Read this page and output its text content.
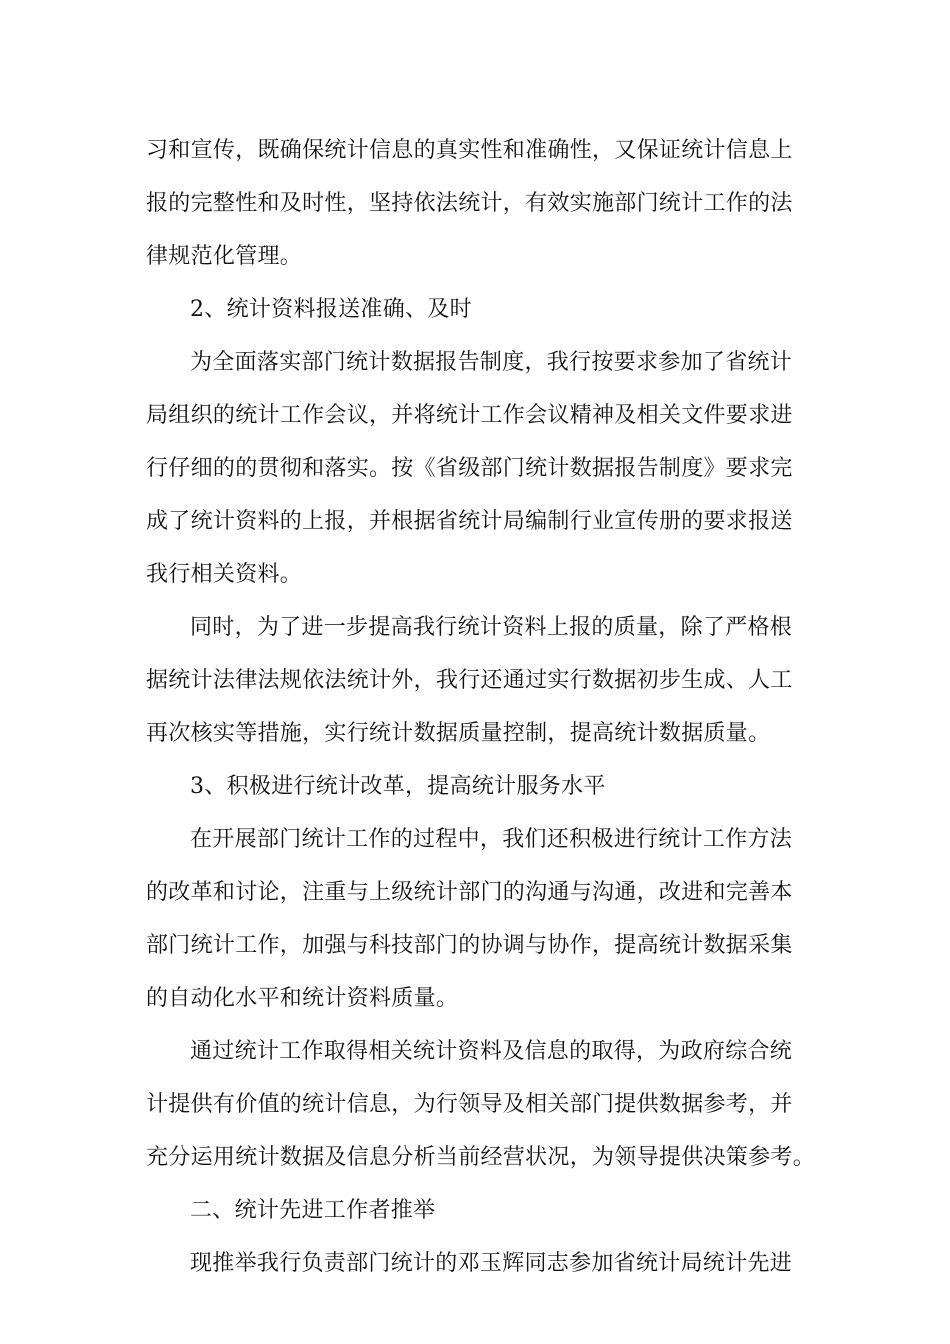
习和宣传，既确保统计信息的真实性和准确性，又保证统计信息上
报的完整性和及时性，坚持依法统计，有效实施部门统计工作的法
律规范化管理。
2、统计资料报送准确、及时
为全面落实部门统计数据报告制度，我行按要求参加了省统计
局组织的统计工作会议，并将统计工作会议精神及相关文件要求进
行仔细的的贯彻和落实。按《省级部门统计数据报告制度》要求完
成了统计资料的上报，并根据省统计局编制行业宣传册的要求报送
我行相关资料。
同时，为了进一步提高我行统计资料上报的质量，除了严格根
据统计法律法规依法统计外，我行还通过实行数据初步生成、人工
再次核实等措施，实行统计数据质量控制，提高统计数据质量。
3、积极进行统计改革，提高统计服务水平
在开展部门统计工作的过程中，我们还积极进行统计工作方法
的改革和讨论，注重与上级统计部门的沟通与沟通，改进和完善本
部门统计工作，加强与科技部门的协调与协作，提高统计数据采集
的自动化水平和统计资料质量。
通过统计工作取得相关统计资料及信息的取得，为政府综合统
计提供有价值的统计信息，为行领导及相关部门提供数据参考，并
充分运用统计数据及信息分析当前经营状况，为领导提供决策参考。
二、统计先进工作者推举
现推举我行负责部门统计的邓玉辉同志参加省统计局统计先进
